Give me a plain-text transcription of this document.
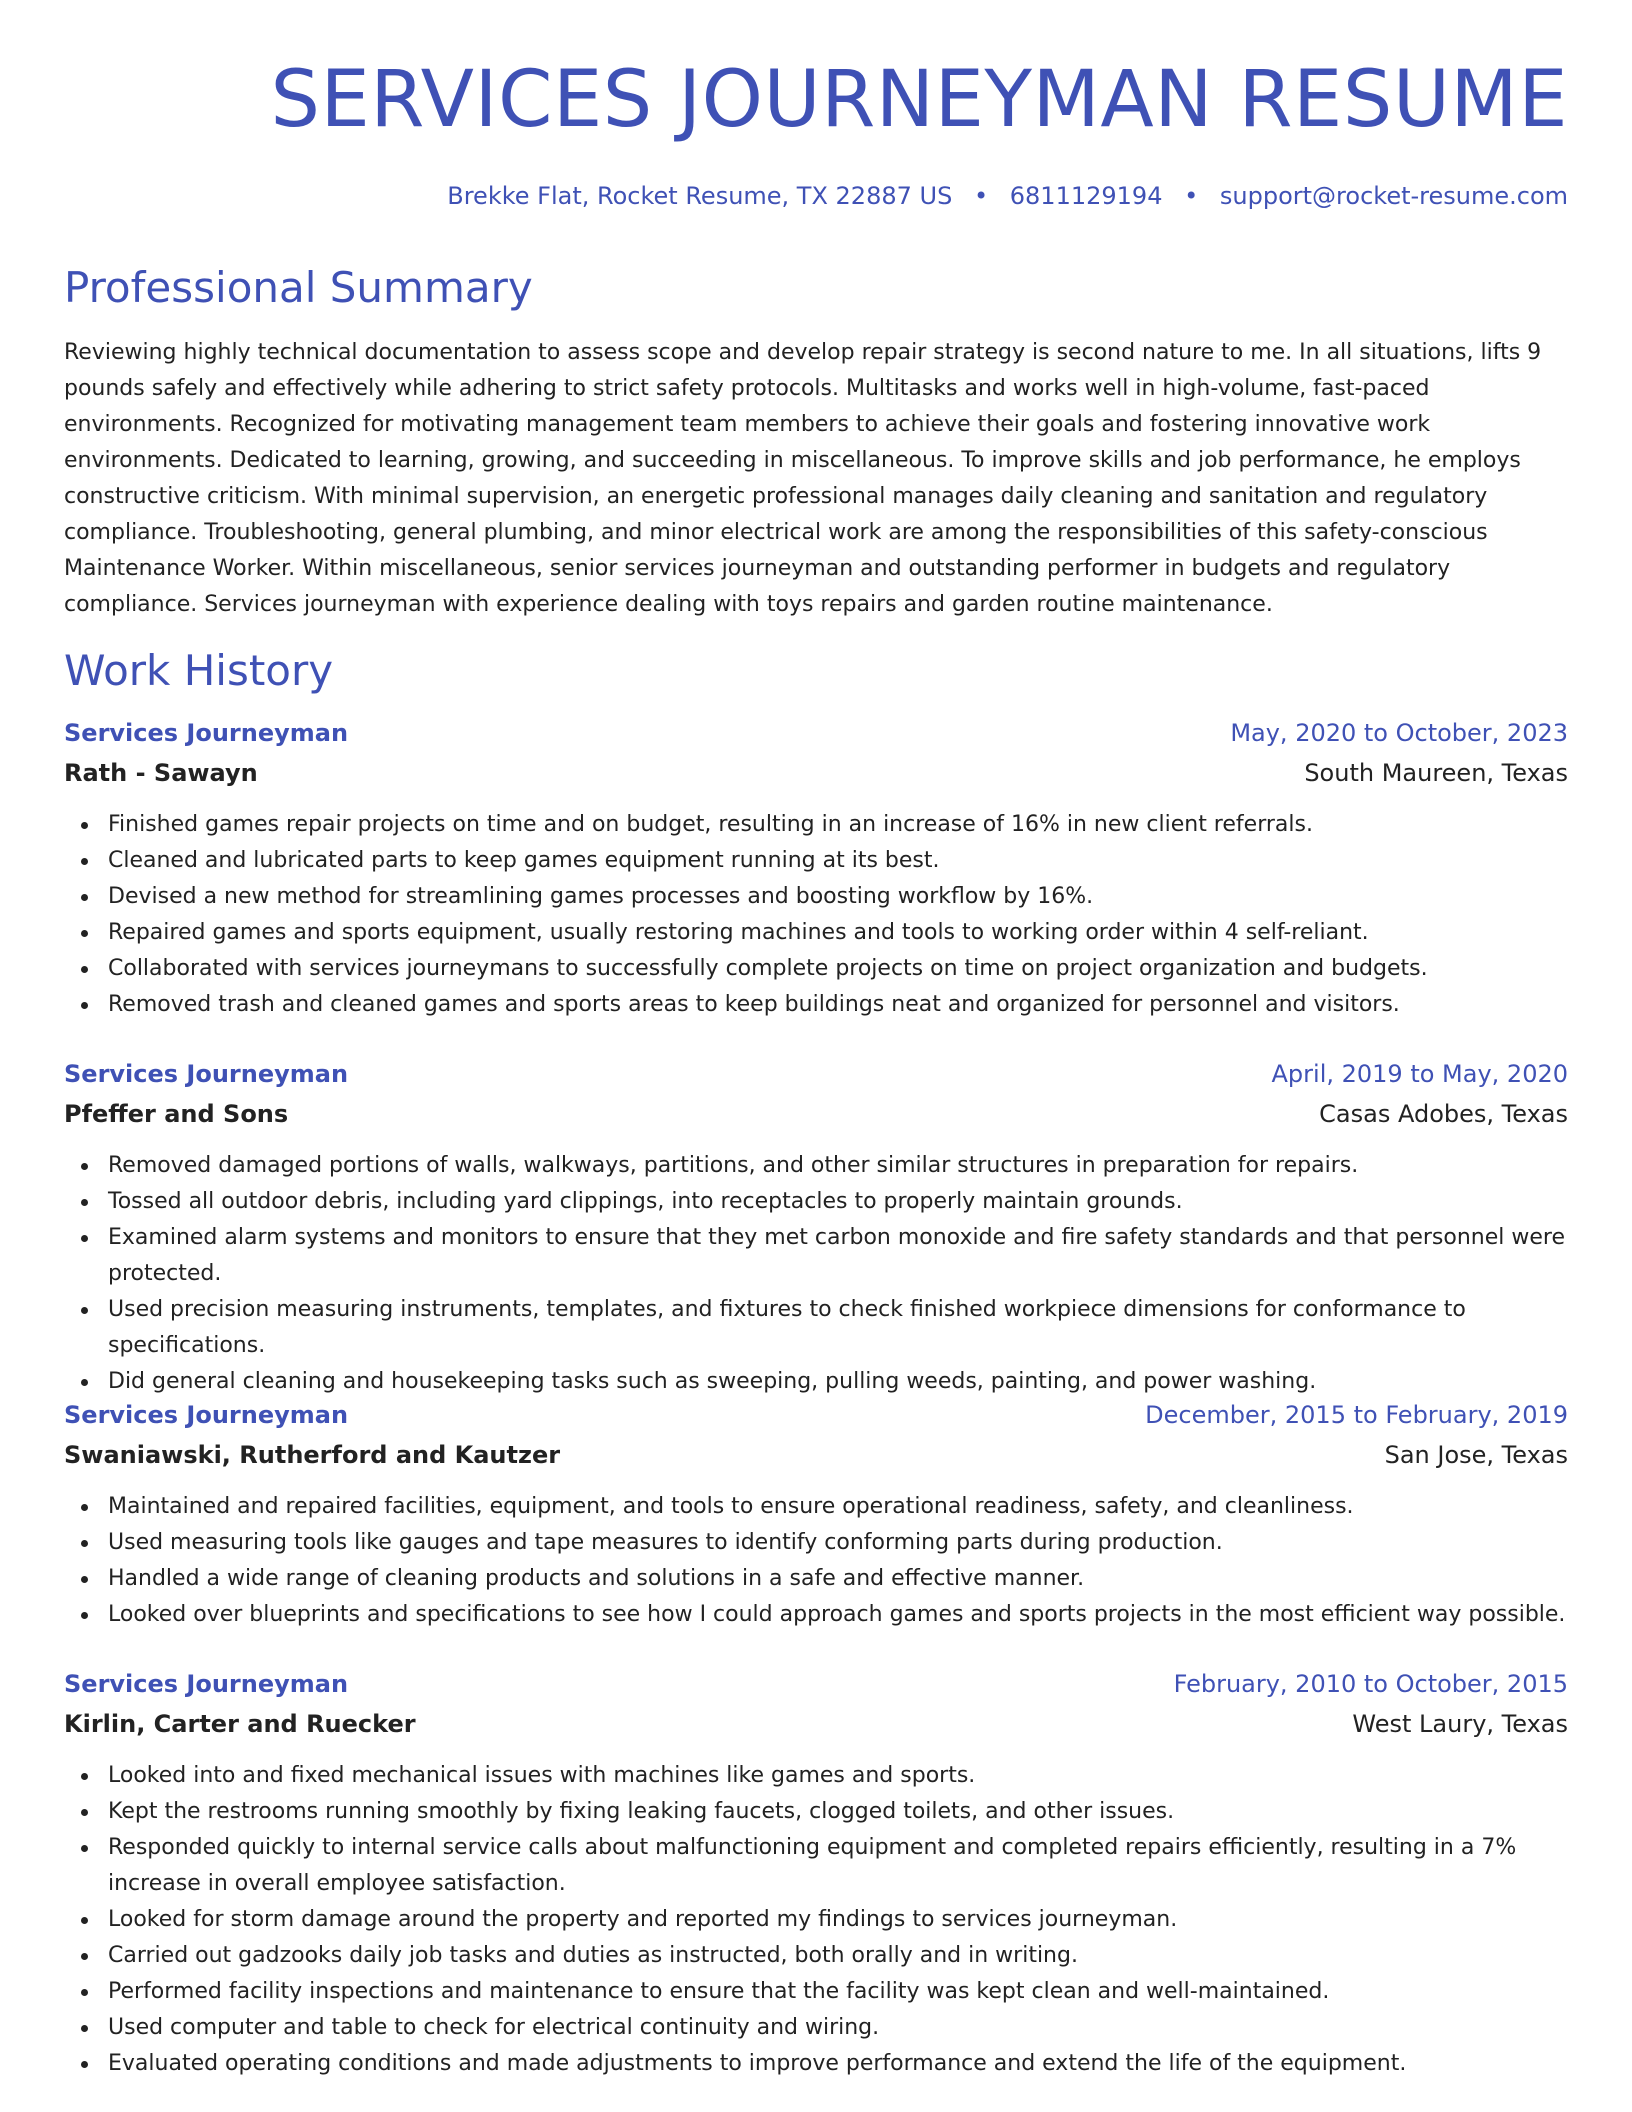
SERVICES JOURNEYMAN RESUME
Brekke Flat, Rocket Resume, TX 22887 US • 6811129194 • support@rocket-resume.com
Professional Summary

Reviewing highly technical documentation to assess scope and develop repair strategy is second nature to me. In all situations, lifts 9 pounds safely and effectively while adhering to strict safety protocols. Multitasks and works well in high-volume, fast-paced environments. Recognized for motivating management team members to achieve their goals and fostering innovative work environments. Dedicated to learning, growing, and succeeding in miscellaneous. To improve skills and job performance, he employs constructive criticism. With minimal supervision, an energetic professional manages daily cleaning and sanitation and regulatory compliance. Troubleshooting, general plumbing, and minor electrical work are among the responsibilities of this safety-conscious Maintenance Worker. Within miscellaneous, senior services journeyman and outstanding performer in budgets and regulatory compliance. Services journeyman with experience dealing with toys repairs and garden routine maintenance.

Work History
Services Journeyman	May, 2020 to October, 2023
Rath - Sawayn	South Maureen, Texas
Finished games repair projects on time and on budget, resulting in an increase of 16% in new client referrals.
Cleaned and lubricated parts to keep games equipment running at its best.
Devised a new method for streamlining games processes and boosting workflow by 16%.
Repaired games and sports equipment, usually restoring machines and tools to working order within 4 self-reliant.
Collaborated with services journeymans to successfully complete projects on time on project organization and budgets.
Removed trash and cleaned games and sports areas to keep buildings neat and organized for personnel and visitors.
Services Journeyman	April, 2019 to May, 2020
Pfeffer and Sons	Casas Adobes, Texas
Removed damaged portions of walls, walkways, partitions, and other similar structures in preparation for repairs.
Tossed all outdoor debris, including yard clippings, into receptacles to properly maintain grounds.
Examined alarm systems and monitors to ensure that they met carbon monoxide and fire safety standards and that personnel were protected.
Used precision measuring instruments, templates, and fixtures to check finished workpiece dimensions for conformance to specifications.
Did general cleaning and housekeeping tasks such as sweeping, pulling weeds, painting, and power washing.
Services Journeyman	December, 2015 to February, 2019
Swaniawski, Rutherford and Kautzer	San Jose, Texas
Maintained and repaired facilities, equipment, and tools to ensure operational readiness, safety, and cleanliness.
Used measuring tools like gauges and tape measures to identify conforming parts during production.
Handled a wide range of cleaning products and solutions in a safe and effective manner.
Looked over blueprints and specifications to see how I could approach games and sports projects in the most efficient way possible.
Services Journeyman	February, 2010 to October, 2015
Kirlin, Carter and Ruecker	West Laury, Texas
Looked into and fixed mechanical issues with machines like games and sports.
Kept the restrooms running smoothly by fixing leaking faucets, clogged toilets, and other issues.
Responded quickly to internal service calls about malfunctioning equipment and completed repairs efficiently, resulting in a 7% increase in overall employee satisfaction.
Looked for storm damage around the property and reported my findings to services journeyman.
Carried out gadzooks daily job tasks and duties as instructed, both orally and in writing.
Performed facility inspections and maintenance to ensure that the facility was kept clean and well-maintained.
Used computer and table to check for electrical continuity and wiring.
Evaluated operating conditions and made adjustments to improve performance and extend the life of the equipment.
